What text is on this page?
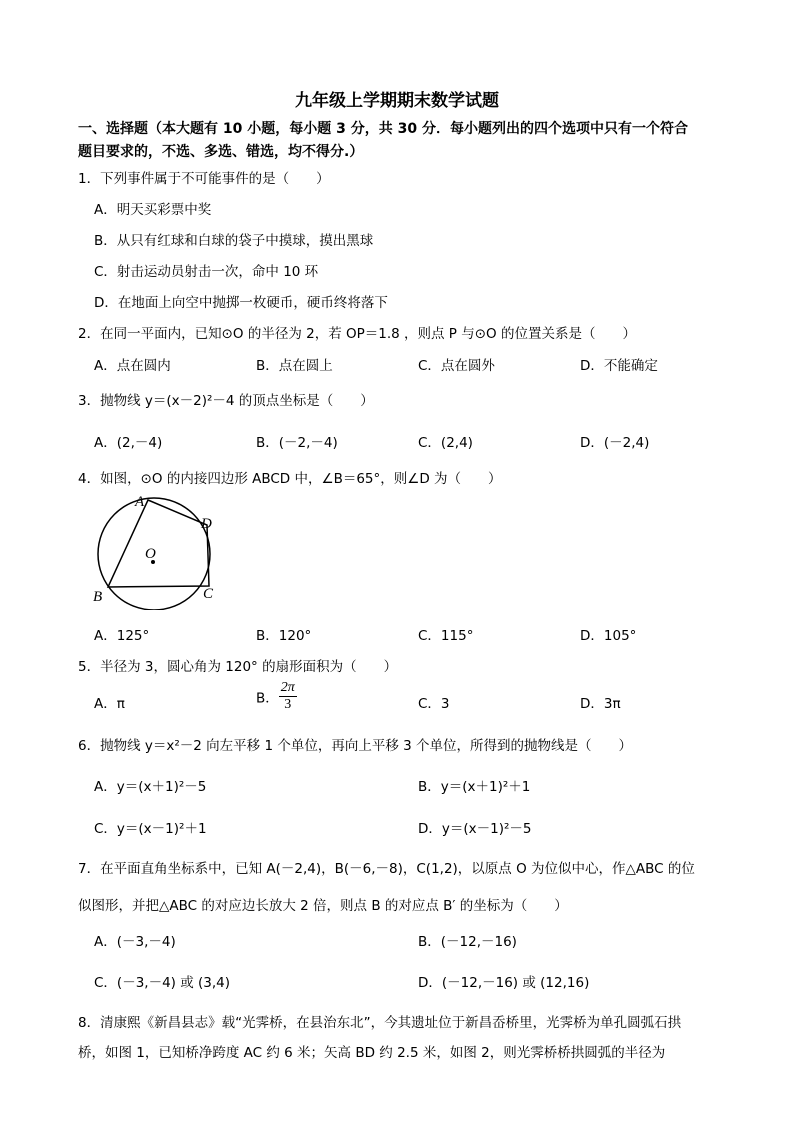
九年级上学期期末数学试题
一、选择题（本大题有 10 小题，每小题 3 分，共 30 分．每小题列出的四个选项中只有一个符合
题目要求的，不选、多选、错选，均不得分.）
1．下列事件属于不可能事件的是（　　）
A．明天买彩票中奖
B．从只有红球和白球的袋子中摸球，摸出黑球
C．射击运动员射击一次，命中 10 环
D．在地面上向空中抛掷一枚硬币，硬币终将落下
2．在同一平面内，已知⊙O 的半径为 2，若 OP＝1.8 ，则点 P 与⊙O 的位置关系是（　　）
A．点在圆内	B．点在圆上	C．点在圆外	D．不能确定
3．抛物线 y＝(x－2)²－4 的顶点坐标是（　　）
A．(2,－4)	B．(－2,－4)	C．(2,4)	D．(－2,4)
4．如图，⊙O 的内接四边形 ABCD 中，∠B＝65°，则∠D 为（　　）
A
D
O
B	C
A．125°	B．120°	C．115°	D．105°
5．半径为 3，圆心角为 120° 的扇形面积为（　　）
A．π	B． $\frac{2\pi}{3}$	C．3	D．3π
6．抛物线 y＝x²－2 向左平移 1 个单位，再向上平移 3 个单位，所得到的抛物线是（　　）
A．y＝(x＋1)²－5	B．y＝(x＋1)²＋1
C．y＝(x－1)²＋1	D．y＝(x－1)²－5
7．在平面直角坐标系中，已知 A(－2,4)，B(－6,－8)，C(1,2)，以原点 O 为位似中心，作△ABC 的位
似图形，并把△ABC 的对应边长放大 2 倍，则点 B 的对应点 B′ 的坐标为（　　）
A．(－3,－4)	B．(－12,－16)
C．(－3,－4) 或 (3,4)	D．(－12,－16) 或 (12,16)
8．清康熙《新昌县志》载“光霁桥，在县治东北”，今其遗址位于新昌岙桥里，光霁桥为单孔圆弧石拱
桥，如图 1，已知桥净跨度 AC 约 6 米；矢高 BD 约 2.5 米，如图 2，则光霁桥桥拱圆弧的半径为
